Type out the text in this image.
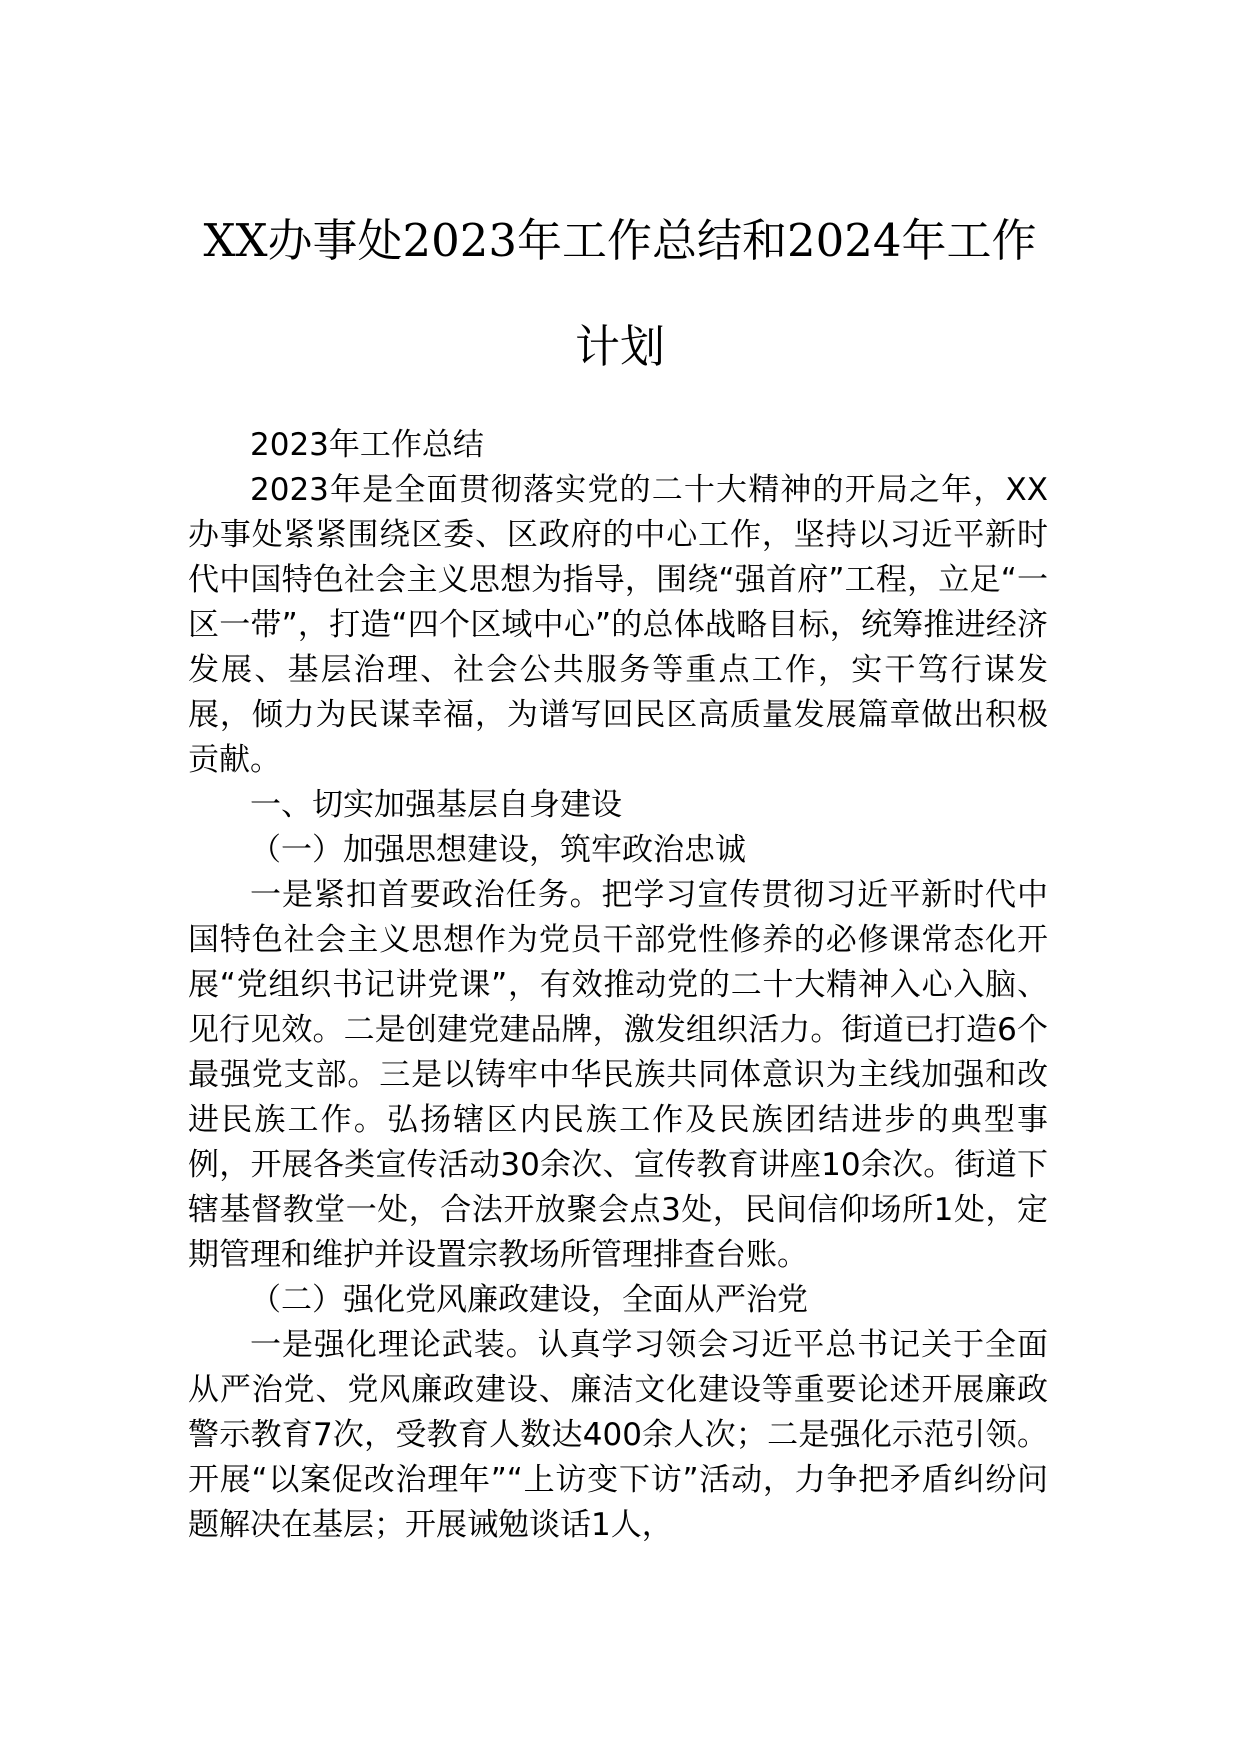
XX办事处2023年工作总结和2024年工作
计划

2023年工作总结

2023年是全面贯彻落实党的二十大精神的开局之年，XX办事处紧紧围绕区委、区政府的中心工作，坚持以习近平新时代中国特色社会主义思想为指导，围绕“强首府”工程，立足“一区一带”，打造“四个区域中心”的总体战略目标，统筹推进经济发展、基层治理、社会公共服务等重点工作，实干笃行谋发展，倾力为民谋幸福，为谱写回民区高质量发展篇章做出积极贡献。

一、切实加强基层自身建设

（一）加强思想建设，筑牢政治忠诚

一是紧扣首要政治任务。把学习宣传贯彻习近平新时代中国特色社会主义思想作为党员干部党性修养的必修课常态化开展“党组织书记讲党课”，有效推动党的二十大精神入心入脑、见行见效。二是创建党建品牌，激发组织活力。街道已打造6个最强党支部。三是以铸牢中华民族共同体意识为主线加强和改进民族工作。弘扬辖区内民族工作及民族团结进步的典型事例，开展各类宣传活动30余次、宣传教育讲座10余次。街道下辖基督教堂一处，合法开放聚会点3处，民间信仰场所1处，定期管理和维护并设置宗教场所管理排查台账。

（二）强化党风廉政建设，全面从严治党

一是强化理论武装。认真学习领会习近平总书记关于全面从严治党、党风廉政建设、廉洁文化建设等重要论述开展廉政警示教育7次，受教育人数达400余人次；二是强化示范引领。开展“以案促改治理年”“上访变下访”活动，力争把矛盾纠纷问题解决在基层；开展诫勉谈话1人，
